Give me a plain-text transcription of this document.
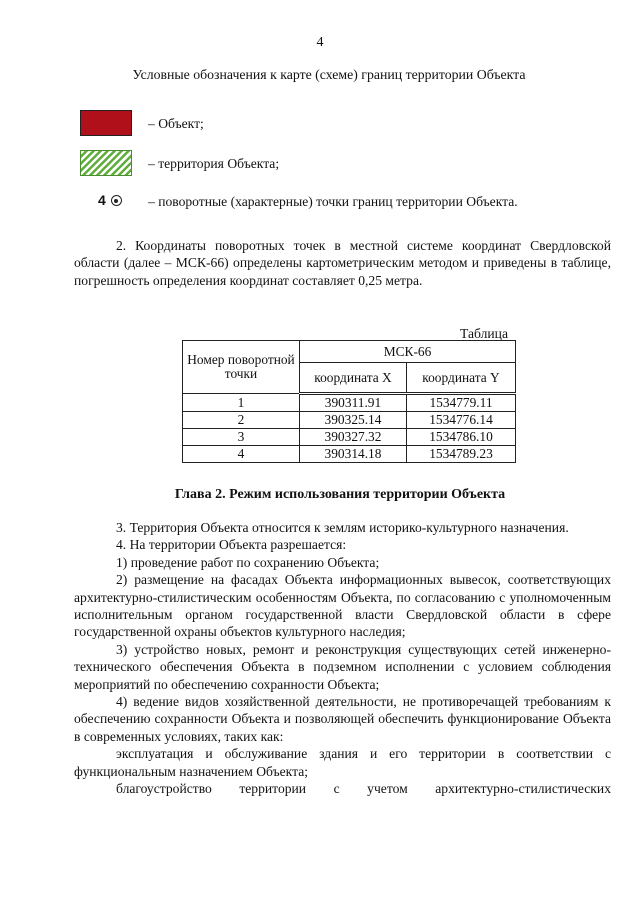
4
Условные обозначения к карте (схеме) границ территории Объекта
– Объект;
– территория Объекта;
4	– поворотные (характерные) точки границ территории Объекта.

2. Координаты поворотных точек в местной системе координат Свердловской области (далее – МСК-66) определены картометрическим методом и приведены в таблице, погрешность определения координат составляет 0,25 метра.

Таблица
Номер поворотной точки	МСК-66	
	координата X	координата Y
1	390311.91	1534779.11
2	390325.14	1534776.14
3	390327.32	1534786.10
4	390314.18	1534789.23
Глава 2. Режим использования территории Объекта

3. Территория Объекта относится к землям историко-культурного назначения.

4. На территории Объекта разрешается:

1) проведение работ по сохранению Объекта;

2) размещение на фасадах Объекта информационных вывесок, соответствующих архитектурно-стилистическим особенностям Объекта, по согласованию с уполномоченным исполнительным органом государственной власти Свердловской области в сфере государственной охраны объектов культурного наследия;

3) устройство новых, ремонт и реконструкция существующих сетей инженерно-технического обеспечения Объекта в подземном исполнении с условием соблюдения мероприятий по обеспечению сохранности Объекта;

4) ведение видов хозяйственной деятельности, не противоречащей требованиям к обеспечению сохранности Объекта и позволяющей обеспечить функционирование Объекта в современных условиях, таких как:

эксплуатация и обслуживание здания и его территории в соответствии с функциональным назначением Объекта;

благоустройство территории с учетом архитектурно-стилистических
